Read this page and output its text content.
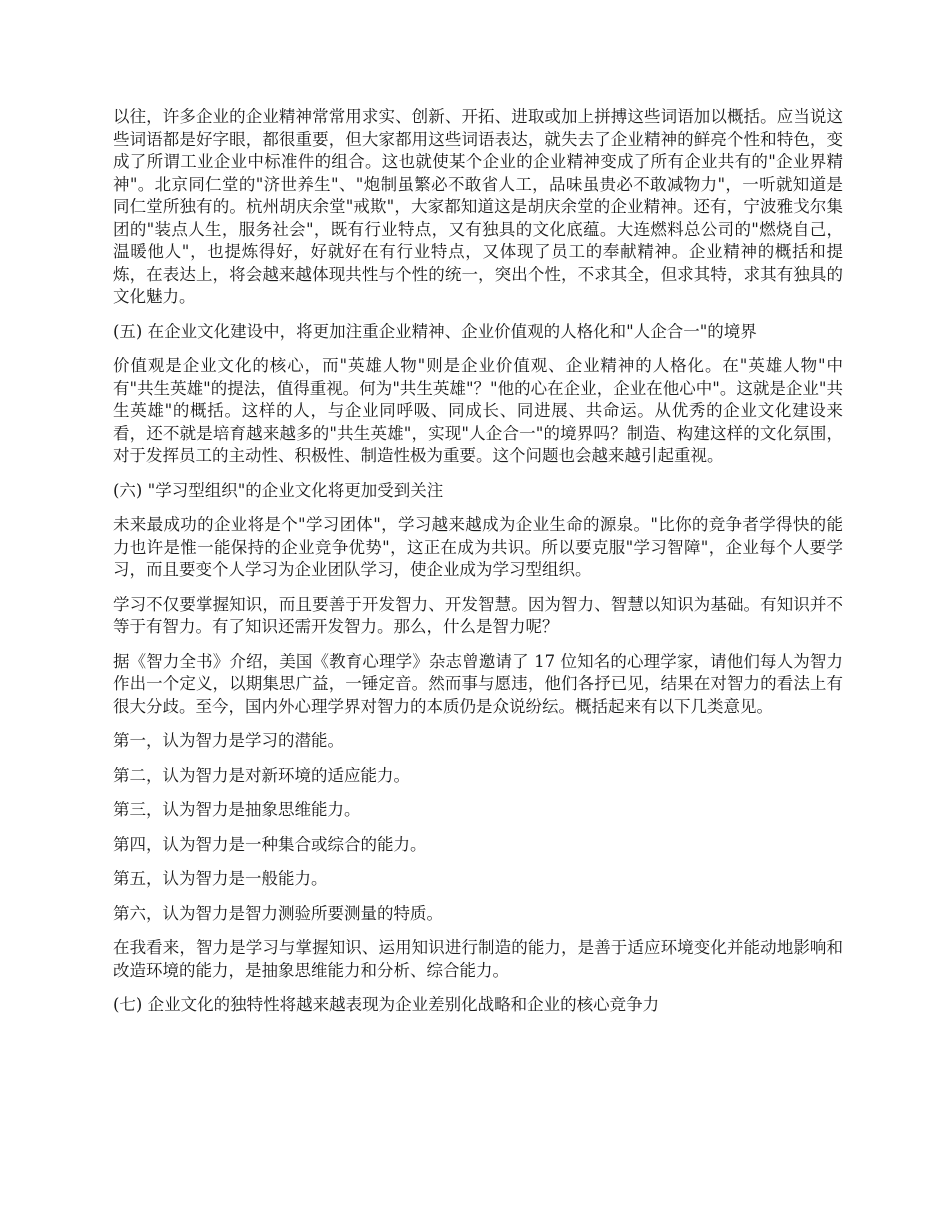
以往，许多企业的企业精神常常用求实、创新、开拓、进取或加上拼搏这些词语加以概括。应当说这些词语都是好字眼，都很重要，但大家都用这些词语表达，就失去了企业精神的鲜亮个性和特色，变成了所谓工业企业中标准件的组合。这也就使某个企业的企业精神变成了所有企业共有的"企业界精神"。北京同仁堂的"济世养生"、"炮制虽繁必不敢省人工，品味虽贵必不敢减物力"，一听就知道是同仁堂所独有的。杭州胡庆余堂"戒欺"，大家都知道这是胡庆余堂的企业精神。还有，宁波雅戈尔集团的"装点人生，服务社会"，既有行业特点，又有独具的文化底蕴。大连燃料总公司的"燃烧自己，温暖他人"，也提炼得好，好就好在有行业特点，又体现了员工的奉献精神。企业精神的概括和提炼，在表达上，将会越来越体现共性与个性的统一，突出个性，不求其全，但求其特，求其有独具的文化魅力。

(五) 在企业文化建设中，将更加注重企业精神、企业价值观的人格化和"人企合一"的境界

价值观是企业文化的核心，而"英雄人物"则是企业价值观、企业精神的人格化。在"英雄人物"中有"共生英雄"的提法，值得重视。何为"共生英雄"？"他的心在企业，企业在他心中"。这就是企业"共生英雄"的概括。这样的人，与企业同呼吸、同成长、同进展、共命运。从优秀的企业文化建设来看，还不就是培育越来越多的"共生英雄"，实现"人企合一"的境界吗？制造、构建这样的文化氛围，对于发挥员工的主动性、积极性、制造性极为重要。这个问题也会越来越引起重视。

(六) "学习型组织"的企业文化将更加受到关注

未来最成功的企业将是个"学习团体"，学习越来越成为企业生命的源泉。"比你的竞争者学得快的能力也许是惟一能保持的企业竞争优势"，这正在成为共识。所以要克服"学习智障"，企业每个人要学习，而且要变个人学习为企业团队学习，使企业成为学习型组织。

学习不仅要掌握知识，而且要善于开发智力、开发智慧。因为智力、智慧以知识为基础。有知识并不等于有智力。有了知识还需开发智力。那么，什么是智力呢？

据《智力全书》介绍，美国《教育心理学》杂志曾邀请了 17 位知名的心理学家，请他们每人为智力作出一个定义，以期集思广益，一锤定音。然而事与愿违，他们各抒已见，结果在对智力的看法上有很大分歧。至今，国内外心理学界对智力的本质仍是众说纷纭。概括起来有以下几类意见。

第一，认为智力是学习的潜能。

第二，认为智力是对新环境的适应能力。

第三，认为智力是抽象思维能力。

第四，认为智力是一种集合或综合的能力。

第五，认为智力是一般能力。

第六，认为智力是智力测验所要测量的特质。

在我看来，智力是学习与掌握知识、运用知识进行制造的能力，是善于适应环境变化并能动地影响和改造环境的能力，是抽象思维能力和分析、综合能力。

(七) 企业文化的独特性将越来越表现为企业差别化战略和企业的核心竞争力
